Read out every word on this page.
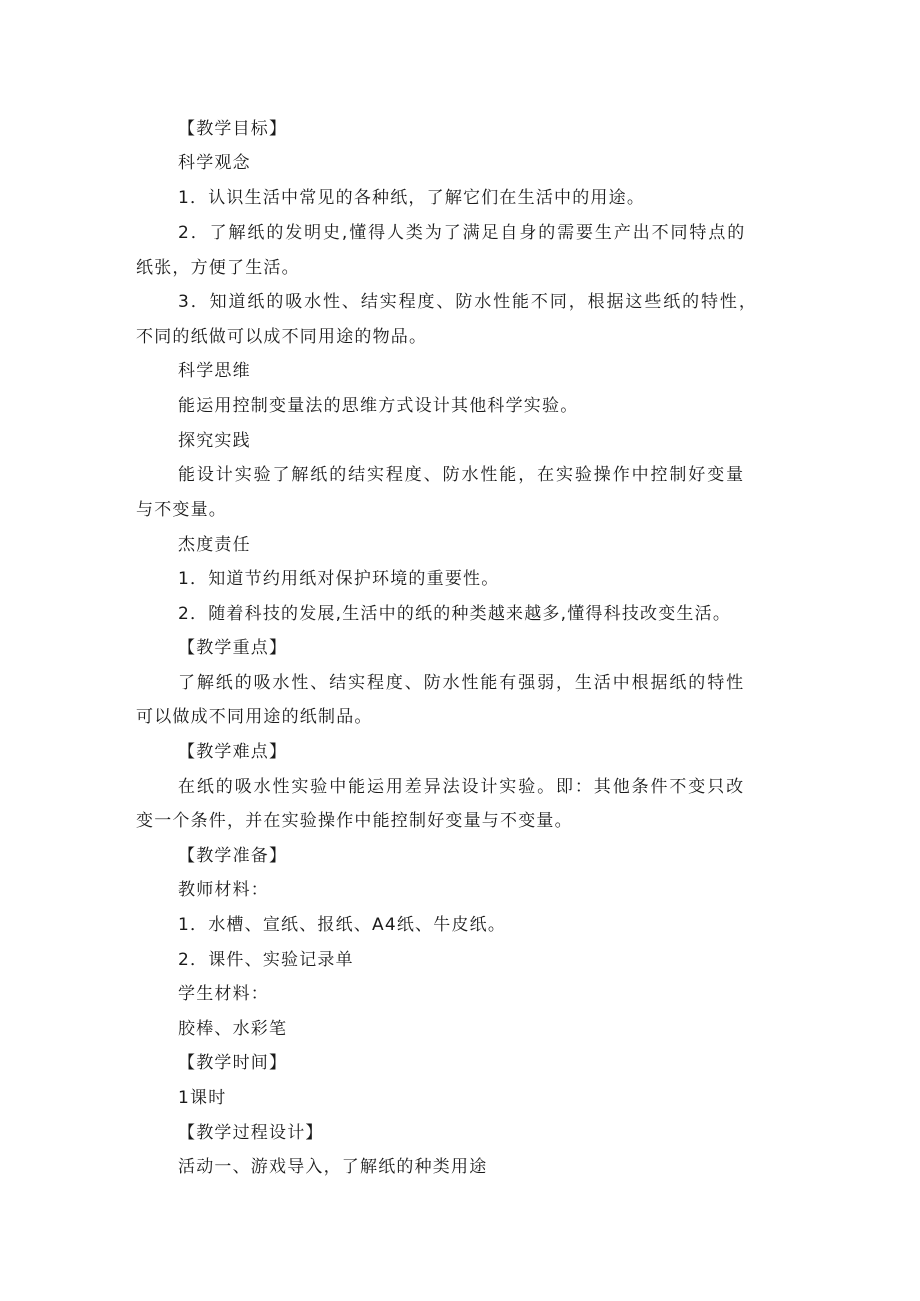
【教学目标】
科学观念
1．认识生活中常见的各种纸，了解它们在生活中的用途。
2．了解纸的发明史,懂得人类为了满足自身的需要生产出不同特点的
纸张，方便了生活。
3．知道纸的吸水性、结实程度、防水性能不同，根据这些纸的特性，
不同的纸做可以成不同用途的物品。
科学思维
能运用控制变量法的思维方式设计其他科学实验。
探究实践
能设计实验了解纸的结实程度、防水性能，在实验操作中控制好变量
与不变量。
杰度责任
1．知道节约用纸对保护环境的重要性。
2．随着科技的发展,生活中的纸的种类越来越多,懂得科技改变生活。
【教学重点】
了解纸的吸水性、结实程度、防水性能有强弱，生活中根据纸的特性
可以做成不同用途的纸制品。
【教学难点】
在纸的吸水性实验中能运用差异法设计实验。即：其他条件不变只改
变一个条件，并在实验操作中能控制好变量与不变量。
【教学准备】
教师材料：
1．水槽、宣纸、报纸、A4纸、牛皮纸。
2．课件、实验记录单
学生材料：
胶棒、水彩笔
【教学时间】
1课时
【教学过程设计】
活动一、游戏导入，了解纸的种类用途
